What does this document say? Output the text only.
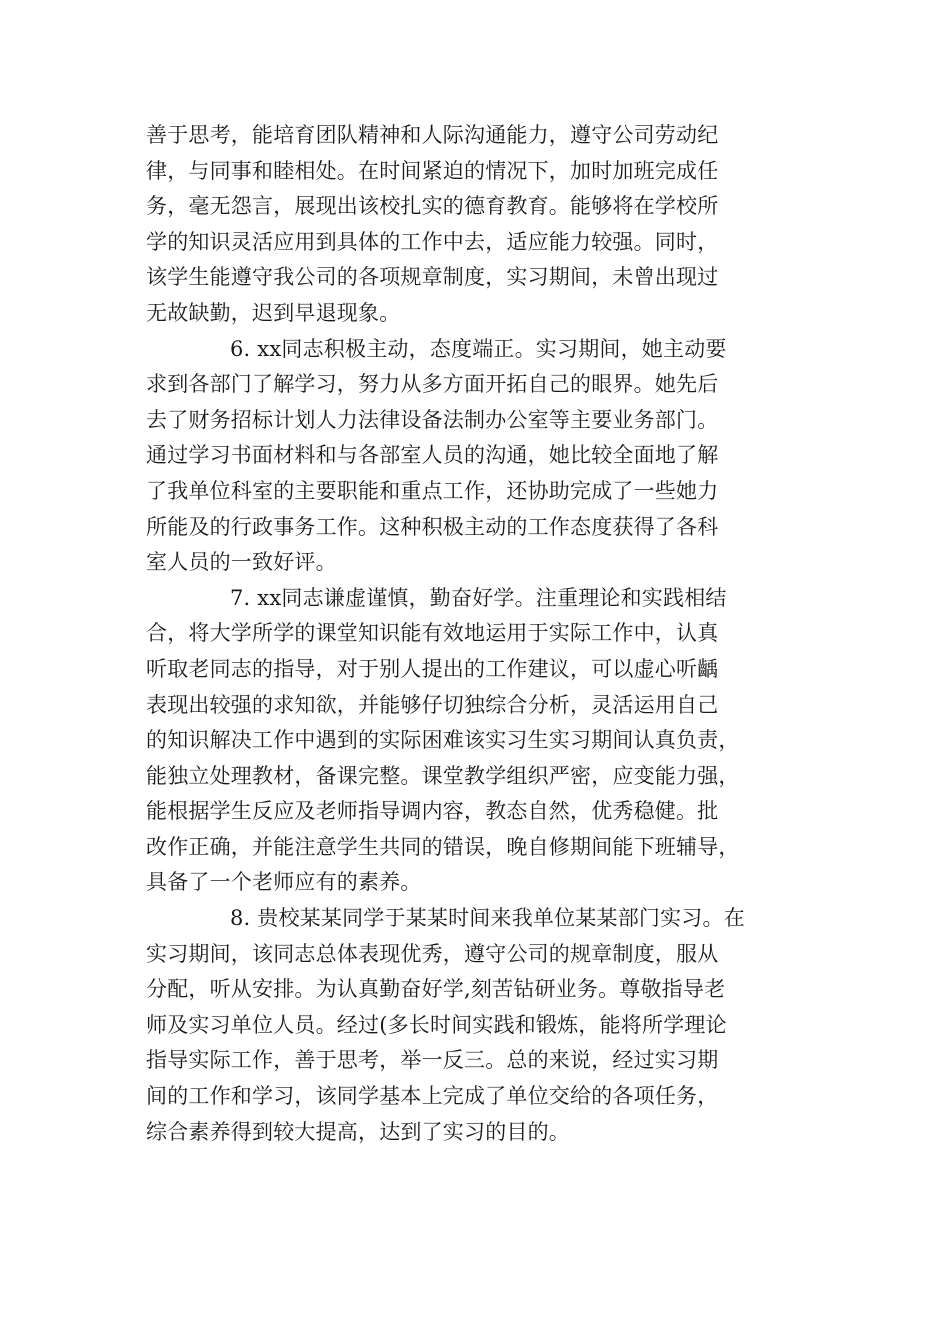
善于思考，能培育团队精神和人际沟通能力，遵守公司劳动纪
律，与同事和睦相处。在时间紧迫的情况下，加时加班完成任
务，毫无怨言，展现出该校扎实的德育教育。能够将在学校所
学的知识灵活应用到具体的工作中去，适应能力较强。同时，
该学生能遵守我公司的各项规章制度，实习期间，未曾出现过
无故缺勤，迟到早退现象。

6. xx同志积极主动，态度端正。实习期间，她主动要
求到各部门了解学习，努力从多方面开拓自己的眼界。她先后
去了财务招标计划人力法律设备法制办公室等主要业务部门。
通过学习书面材料和与各部室人员的沟通，她比较全面地了解
了我单位科室的主要职能和重点工作，还协助完成了一些她力
所能及的行政事务工作。这种积极主动的工作态度获得了各科
室人员的一致好评。

7. xx同志谦虚谨慎，勤奋好学。注重理论和实践相结
合，将大学所学的课堂知识能有效地运用于实际工作中，认真
听取老同志的指导，对于别人提出的工作建议，可以虚心听齲
表现出较强的求知欲，并能够仔切独综合分析，灵活运用自己
的知识解决工作中遇到的实际困难该实习生实习期间认真负责，
能独立处理教材，备课完整。课堂教学组织严密，应变能力强，
能根据学生反应及老师指导调内容，教态自然，优秀稳健。批
改作正确，并能注意学生共同的错误，晚自修期间能下班辅导，
具备了一个老师应有的素养。

8. 贵校某某同学于某某时间来我单位某某部门实习。在
实习期间，该同志总体表现优秀，遵守公司的规章制度，服从
分配，听从安排。为认真勤奋好学,刻苦钻研业务。尊敬指导老
师及实习单位人员。经过(多长时间实践和锻炼，能将所学理论
指导实际工作，善于思考，举一反三。总的来说，经过实习期
间的工作和学习，该同学基本上完成了单位交给的各项任务，
综合素养得到较大提高，达到了实习的目的。
